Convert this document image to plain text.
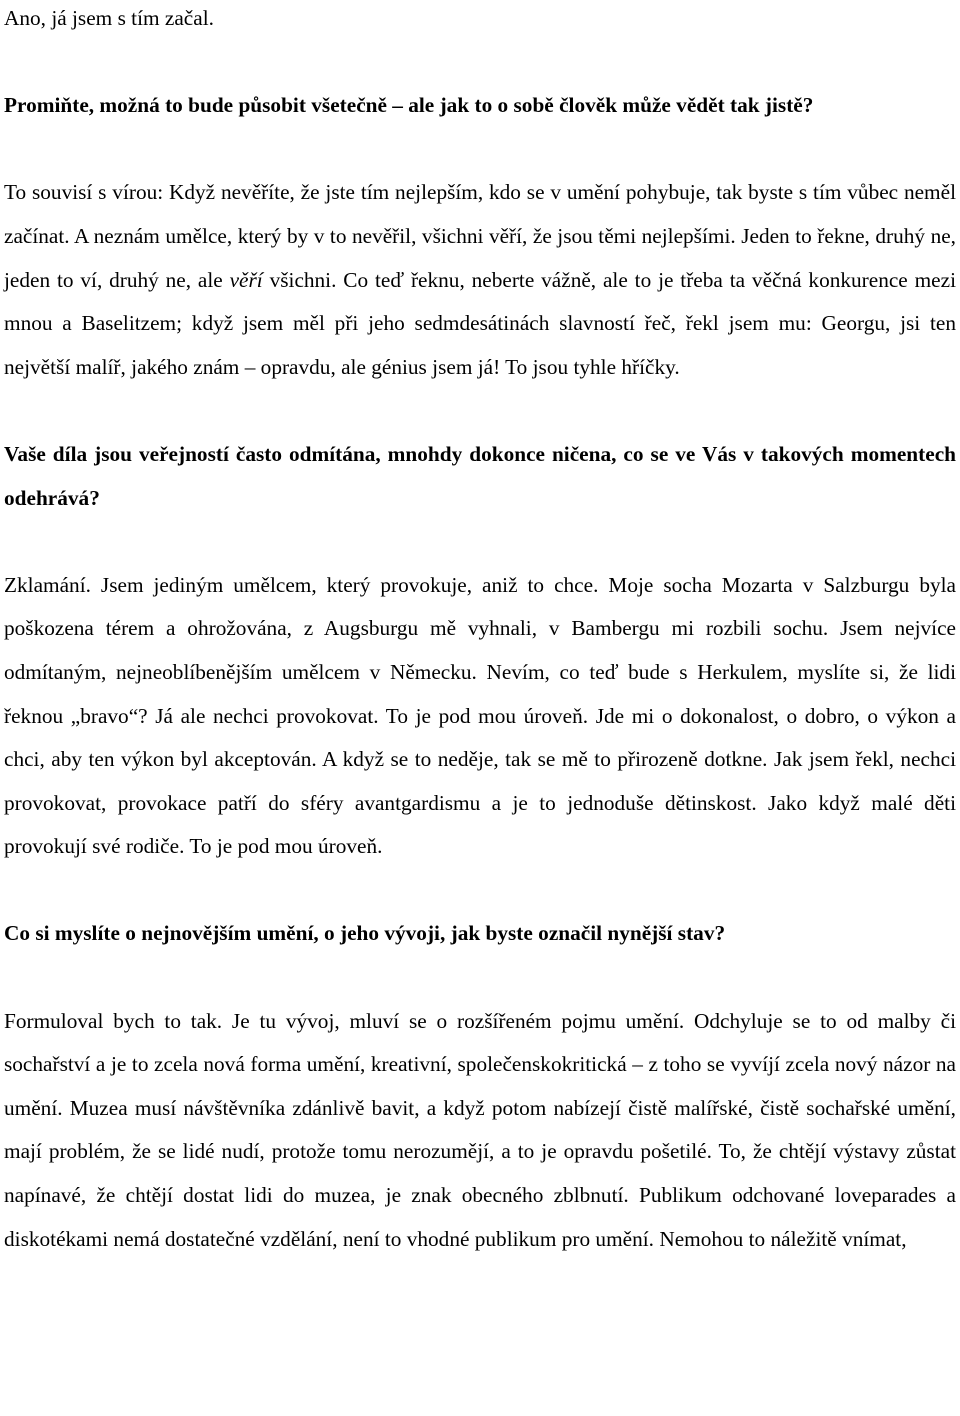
Ano, já jsem s tím začal.

Promiňte, možná to bude působit všetečně – ale jak to o sobě člověk může vědět tak jistě?

To souvisí s vírou: Když nevěříte, že jste tím nejlepším, kdo se v umění pohybuje, tak byste s tím vůbec neměl začínat. A neznám umělce, který by v to nevěřil, všichni věří, že jsou těmi nejlepšími. Jeden to řekne, druhý ne, jeden to ví, druhý ne, ale věří všichni. Co teď řeknu, neberte vážně, ale to je třeba ta věčná konkurence mezi mnou a Baselitzem; když jsem měl při jeho sedmdesátinách slavností řeč, řekl jsem mu: Georgu, jsi ten největší malíř, jakého znám – opravdu, ale génius jsem já! To jsou tyhle hříčky.

Vaše díla jsou veřejností často odmítána, mnohdy dokonce ničena, co se ve Vás v takových momentech odehrává?

Zklamání. Jsem jediným umělcem, který provokuje, aniž to chce. Moje socha Mozarta v Salzburgu byla poškozena térem a ohrožována, z Augsburgu mě vyhnali, v Bambergu mi rozbili sochu. Jsem nejvíce odmítaným, nejneoblíbenějším umělcem v Německu. Nevím, co teď bude s Herkulem, myslíte si, že lidi řeknou „bravo“? Já ale nechci provokovat. To je pod mou úroveň. Jde mi o dokonalost, o dobro, o výkon a chci, aby ten výkon byl akceptován. A když se to neděje, tak se mě to přirozeně dotkne. Jak jsem řekl, nechci provokovat, provokace patří do sféry avantgardismu a je to jednoduše dětinskost. Jako když malé děti provokují své rodiče. To je pod mou úroveň.

Co si myslíte o nejnovějším umění, o jeho vývoji, jak byste označil nynější stav?

Formuloval bych to tak. Je tu vývoj, mluví se o rozšířeném pojmu umění. Odchyluje se to od malby či sochařství a je to zcela nová forma umění, kreativní, společenskokritická – z toho se vyvíjí zcela nový názor na umění. Muzea musí návštěvníka zdánlivě bavit, a když potom nabízejí čistě malířské, čistě sochařské umění, mají problém, že se lidé nudí, protože tomu nerozumějí, a to je opravdu pošetilé. To, že chtějí výstavy zůstat napínavé, že chtějí dostat lidi do muzea, je znak obecného zblbnutí. Publikum odchované loveparades a diskotékami nemá dostatečné vzdělání, není to vhodné publikum pro umění. Nemohou to náležitě vnímat,
